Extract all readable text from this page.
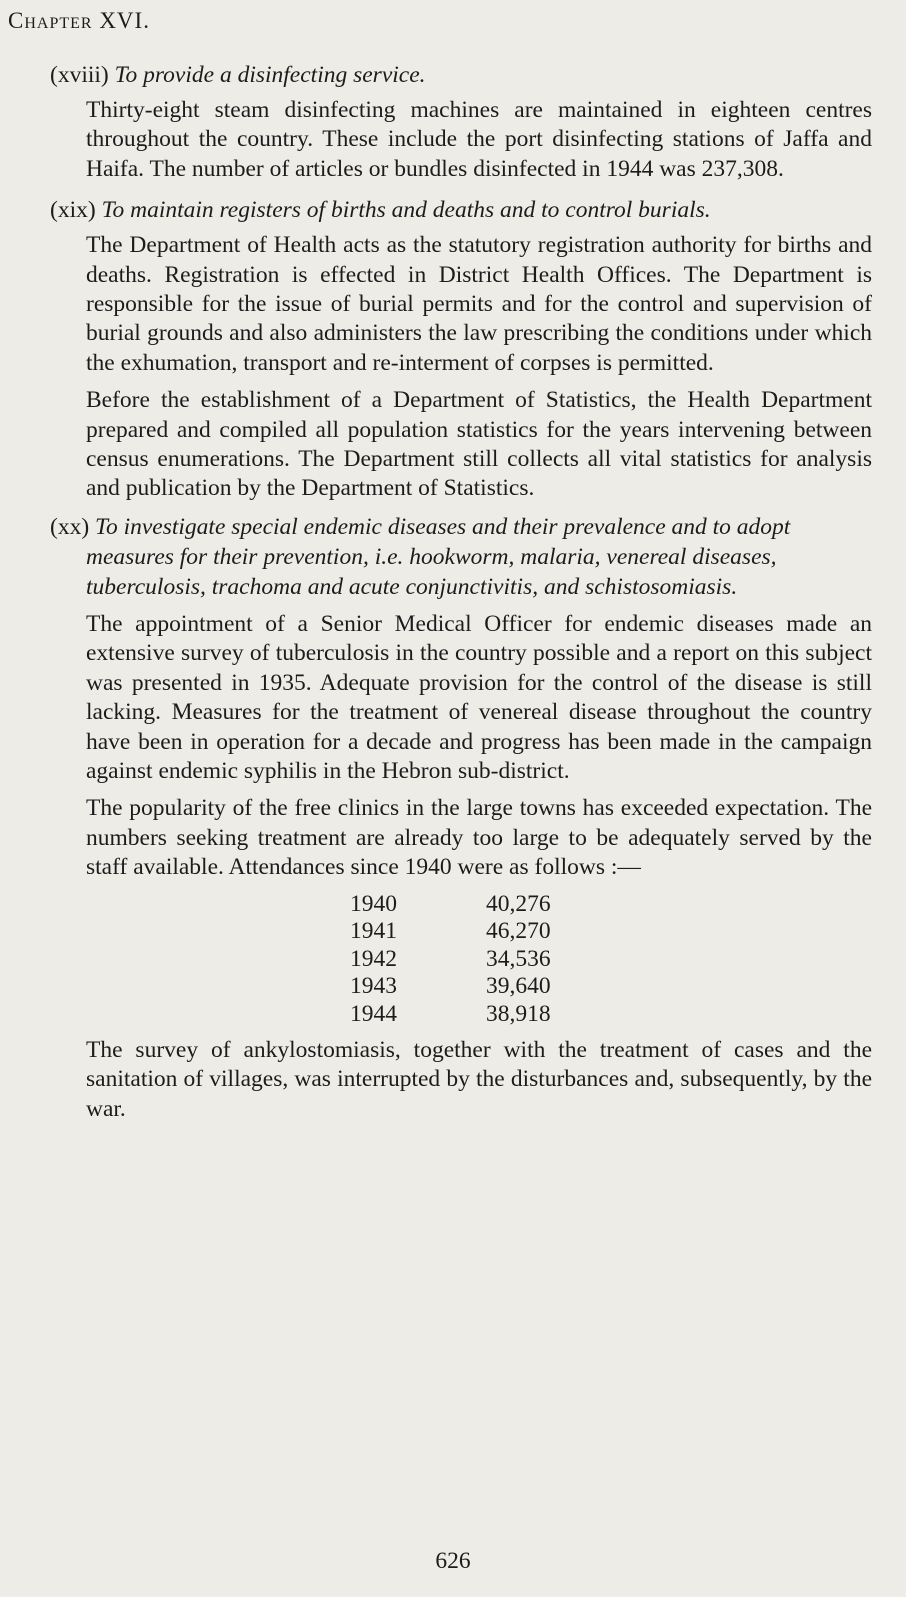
Chapter XVI.

(xviii) To provide a disinfecting service.

Thirty-eight steam disinfecting machines are maintained in eighteen centres throughout the country. These include the port disinfecting stations of Jaffa and Haifa. The number of articles or bundles disinfected in 1944 was 237,308.

(xix) To maintain registers of births and deaths and to control burials.

The Department of Health acts as the statutory registration authority for births and deaths. Registration is effected in District Health Offices. The Department is responsible for the issue of burial permits and for the control and supervision of burial grounds and also administers the law prescribing the conditions under which the exhumation, transport and re-interment of corpses is permitted.

Before the establishment of a Department of Statistics, the Health Department prepared and compiled all population statistics for the years intervening between census enumerations. The Department still collects all vital statistics for analysis and publication by the Department of Statistics.

(xx) To investigate special endemic diseases and their prevalence and to adopt measures for their prevention, i.e. hookworm, malaria, venereal diseases, tuberculosis, trachoma and acute conjunctivitis, and schistosomiasis.

The appointment of a Senior Medical Officer for endemic diseases made an extensive survey of tuberculosis in the country possible and a report on this subject was presented in 1935. Adequate provision for the control of the disease is still lacking. Measures for the treatment of venereal disease throughout the country have been in operation for a decade and progress has been made in the campaign against endemic syphilis in the Hebron sub-district.

The popularity of the free clinics in the large towns has exceeded expectation. The numbers seeking treatment are already too large to be adequately served by the staff available. Attendances since 1940 were as follows :—

1940	40,276
1941	46,270
1942	34,536
1943	39,640
1944	38,918

The survey of ankylostomiasis, together with the treatment of cases and the sanitation of villages, was interrupted by the disturbances and, subsequently, by the war.

626
